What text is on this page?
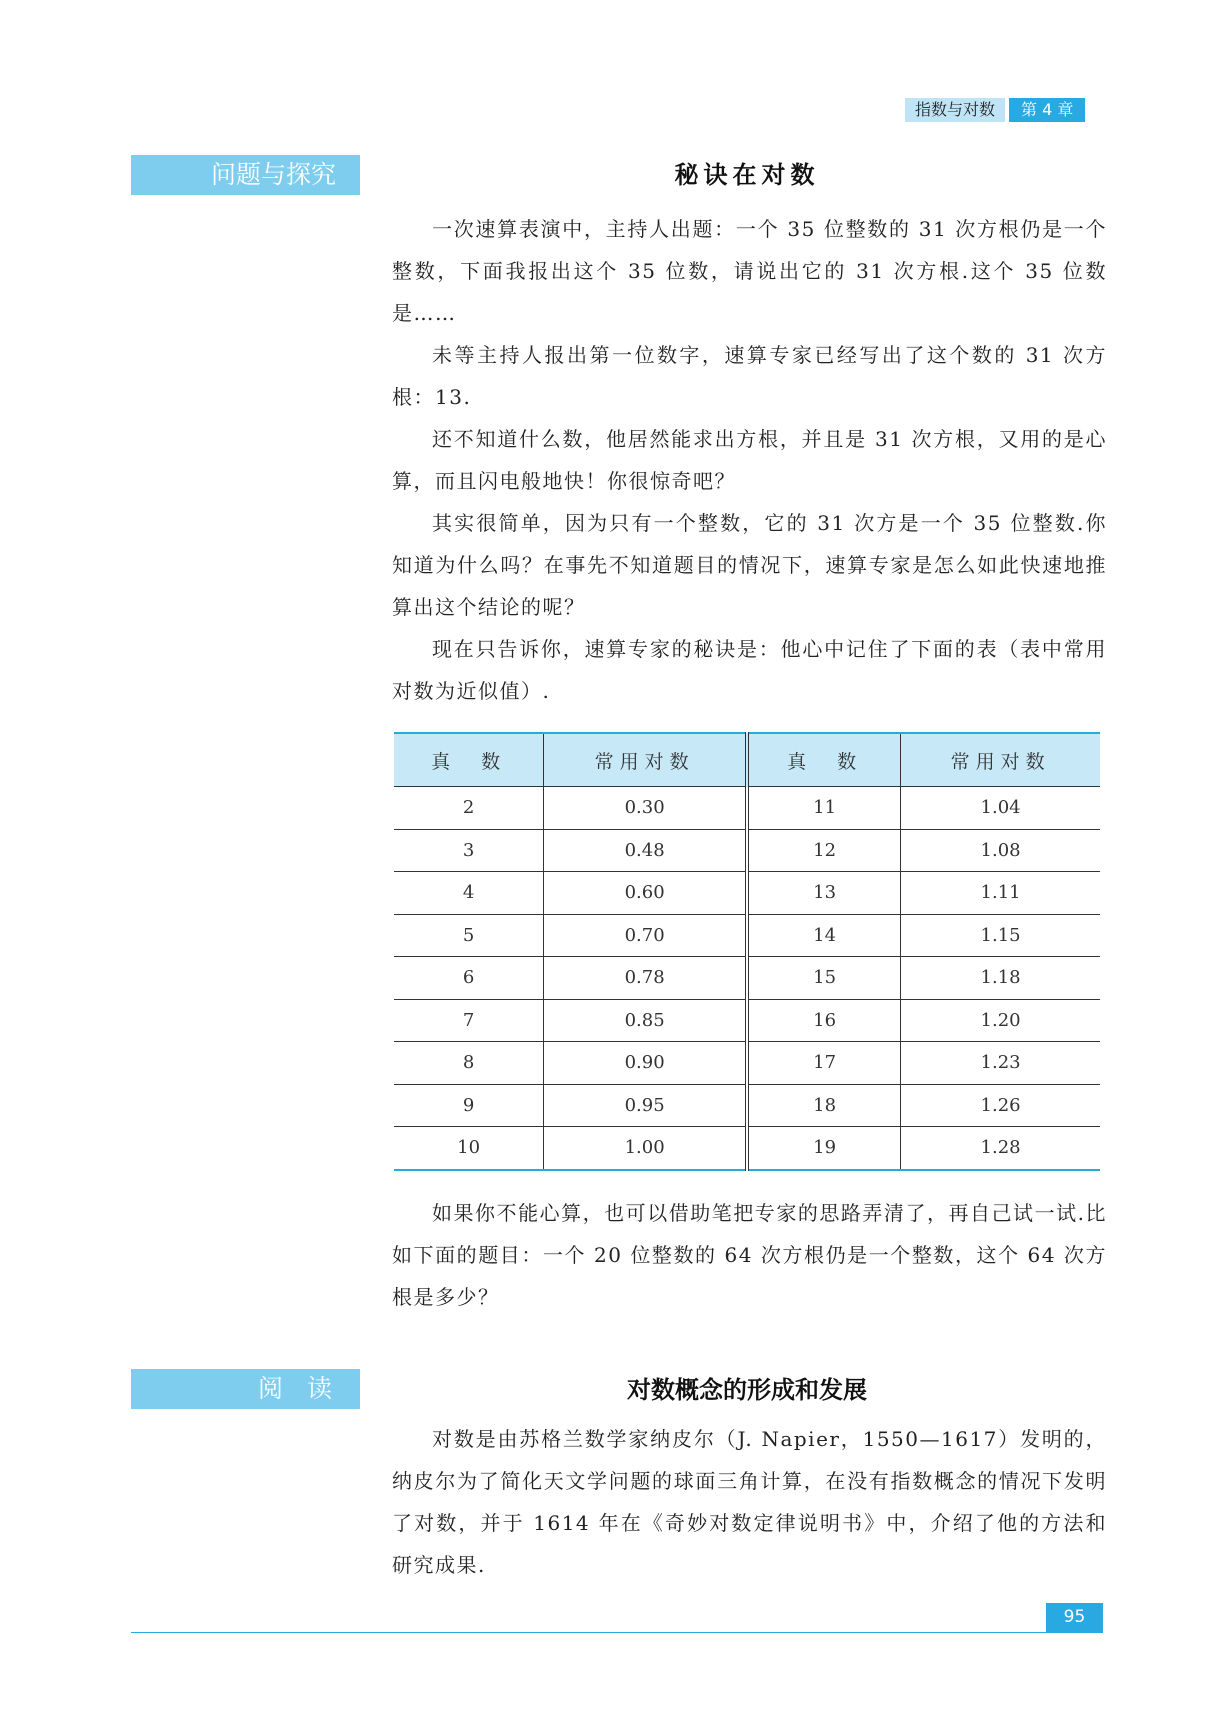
指数与对数	第 4 章
问题与探究	秘诀在对数

一次速算表演中，主持人出题：一个 35 位整数的 31 次方根仍是一个整数，下面我报出这个 35 位数，请说出它的 31 次方根.这个 35 位数是……

未等主持人报出第一位数字，速算专家已经写出了这个数的 31 次方根：13.

还不知道什么数，他居然能求出方根，并且是 31 次方根，又用的是心算，而且闪电般地快！你很惊奇吧？

其实很简单，因为只有一个整数，它的 31 次方是一个 35 位整数.你知道为什么吗？在事先不知道题目的情况下，速算专家是怎么如此快速地推算出这个结论的呢？

现在只告诉你，速算专家的秘诀是：他心中记住了下面的表（表中常用对数为近似值）.

真　数	常用对数	真　数	常用对数
2	0.30	11	1.04
3	0.48	12	1.08
4	0.60	13	1.11
5	0.70	14	1.15
6	0.78	15	1.18
7	0.85	16	1.20
8	0.90	17	1.23
9	0.95	18	1.26
10	1.00	19	1.28

如果你不能心算，也可以借助笔把专家的思路弄清了，再自己试一试.比如下面的题目：一个 20 位整数的 64 次方根仍是一个整数，这个 64 次方根是多少？

阅读	对数概念的形成和发展

对数是由苏格兰数学家纳皮尔（J. Napier，1550—1617）发明的，纳皮尔为了简化天文学问题的球面三角计算，在没有指数概念的情况下发明了对数，并于 1614 年在《奇妙对数定律说明书》中，介绍了他的方法和研究成果.

95
